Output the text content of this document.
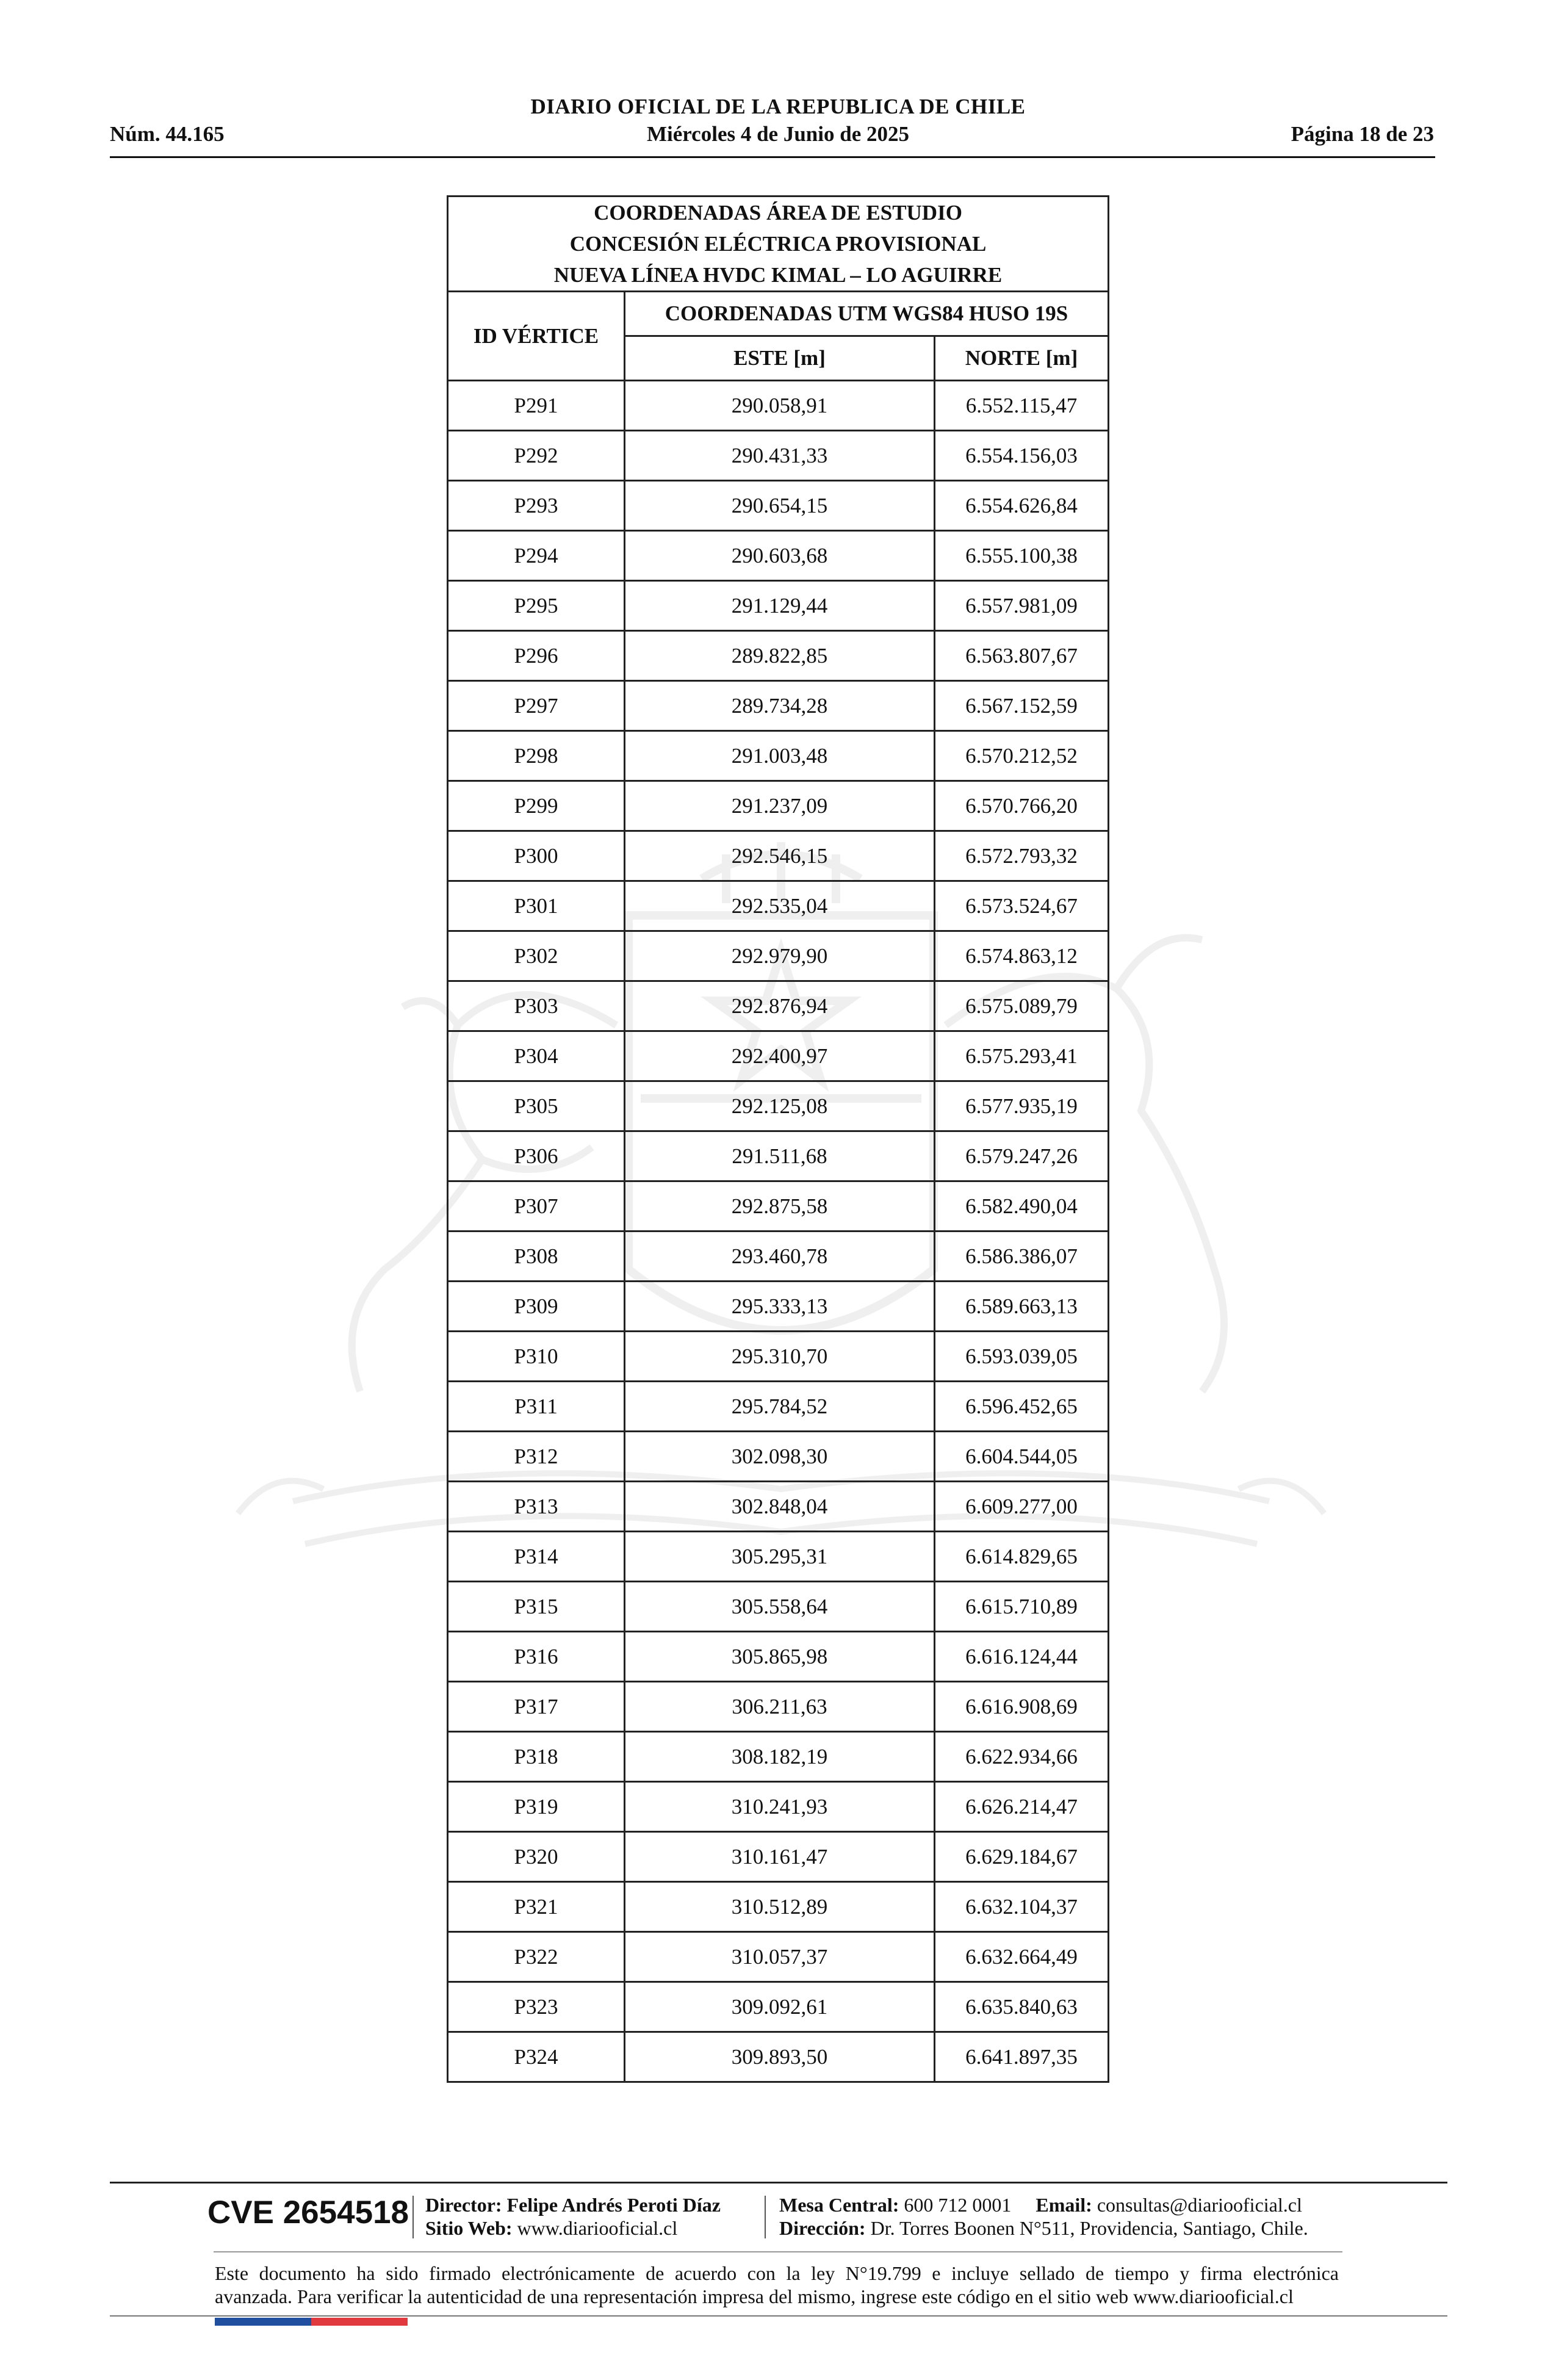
DIARIO OFICIAL DE LA REPUBLICA DE CHILE
Núm. 44.165	Miércoles 4 de Junio de 2025	Página 18 de 23
COORDENADAS ÁREA DE ESTUDIO
CONCESIÓN ELÉCTRICA PROVISIONAL
NUEVA LÍNEA HVDC KIMAL – LO AGUIRRE		

ID VÉRTICE	COORDENADAS UTM WGS84 HUSO 19S	
	ESTE [m]	NORTE [m]
P291	290.058,91	6.552.115,47
P292	290.431,33	6.554.156,03
P293	290.654,15	6.554.626,84
P294	290.603,68	6.555.100,38
P295	291.129,44	6.557.981,09
P296	289.822,85	6.563.807,67
P297	289.734,28	6.567.152,59
P298	291.003,48	6.570.212,52
P299	291.237,09	6.570.766,20
P300	292.546,15	6.572.793,32
P301	292.535,04	6.573.524,67
P302	292.979,90	6.574.863,12
P303	292.876,94	6.575.089,79
P304	292.400,97	6.575.293,41
P305	292.125,08	6.577.935,19
P306	291.511,68	6.579.247,26
P307	292.875,58	6.582.490,04
P308	293.460,78	6.586.386,07
P309	295.333,13	6.589.663,13
P310	295.310,70	6.593.039,05
P311	295.784,52	6.596.452,65
P312	302.098,30	6.604.544,05
P313	302.848,04	6.609.277,00
P314	305.295,31	6.614.829,65
P315	305.558,64	6.615.710,89
P316	305.865,98	6.616.124,44
P317	306.211,63	6.616.908,69
P318	308.182,19	6.622.934,66
P319	310.241,93	6.626.214,47
P320	310.161,47	6.629.184,67
P321	310.512,89	6.632.104,37
P322	310.057,37	6.632.664,49
P323	309.092,61	6.635.840,63
P324	309.893,50	6.641.897,35
CVE 2654518 Director: Felipe Andrés Peroti Díaz
Sitio Web: www.diariooficial.cl
Mesa Central: 600 712 0001 Email: consultas@diariooficial.cl
Dirección: Dr. Torres Boonen N°511, Providencia, Santiago, Chile.
Este documento ha sido firmado electrónicamente de acuerdo con la ley N°19.799 e incluye sellado de tiempo y firma electrónica
avanzada. Para verificar la autenticidad de una representación impresa del mismo, ingrese este código en el sitio web www.diariooficial.cl
